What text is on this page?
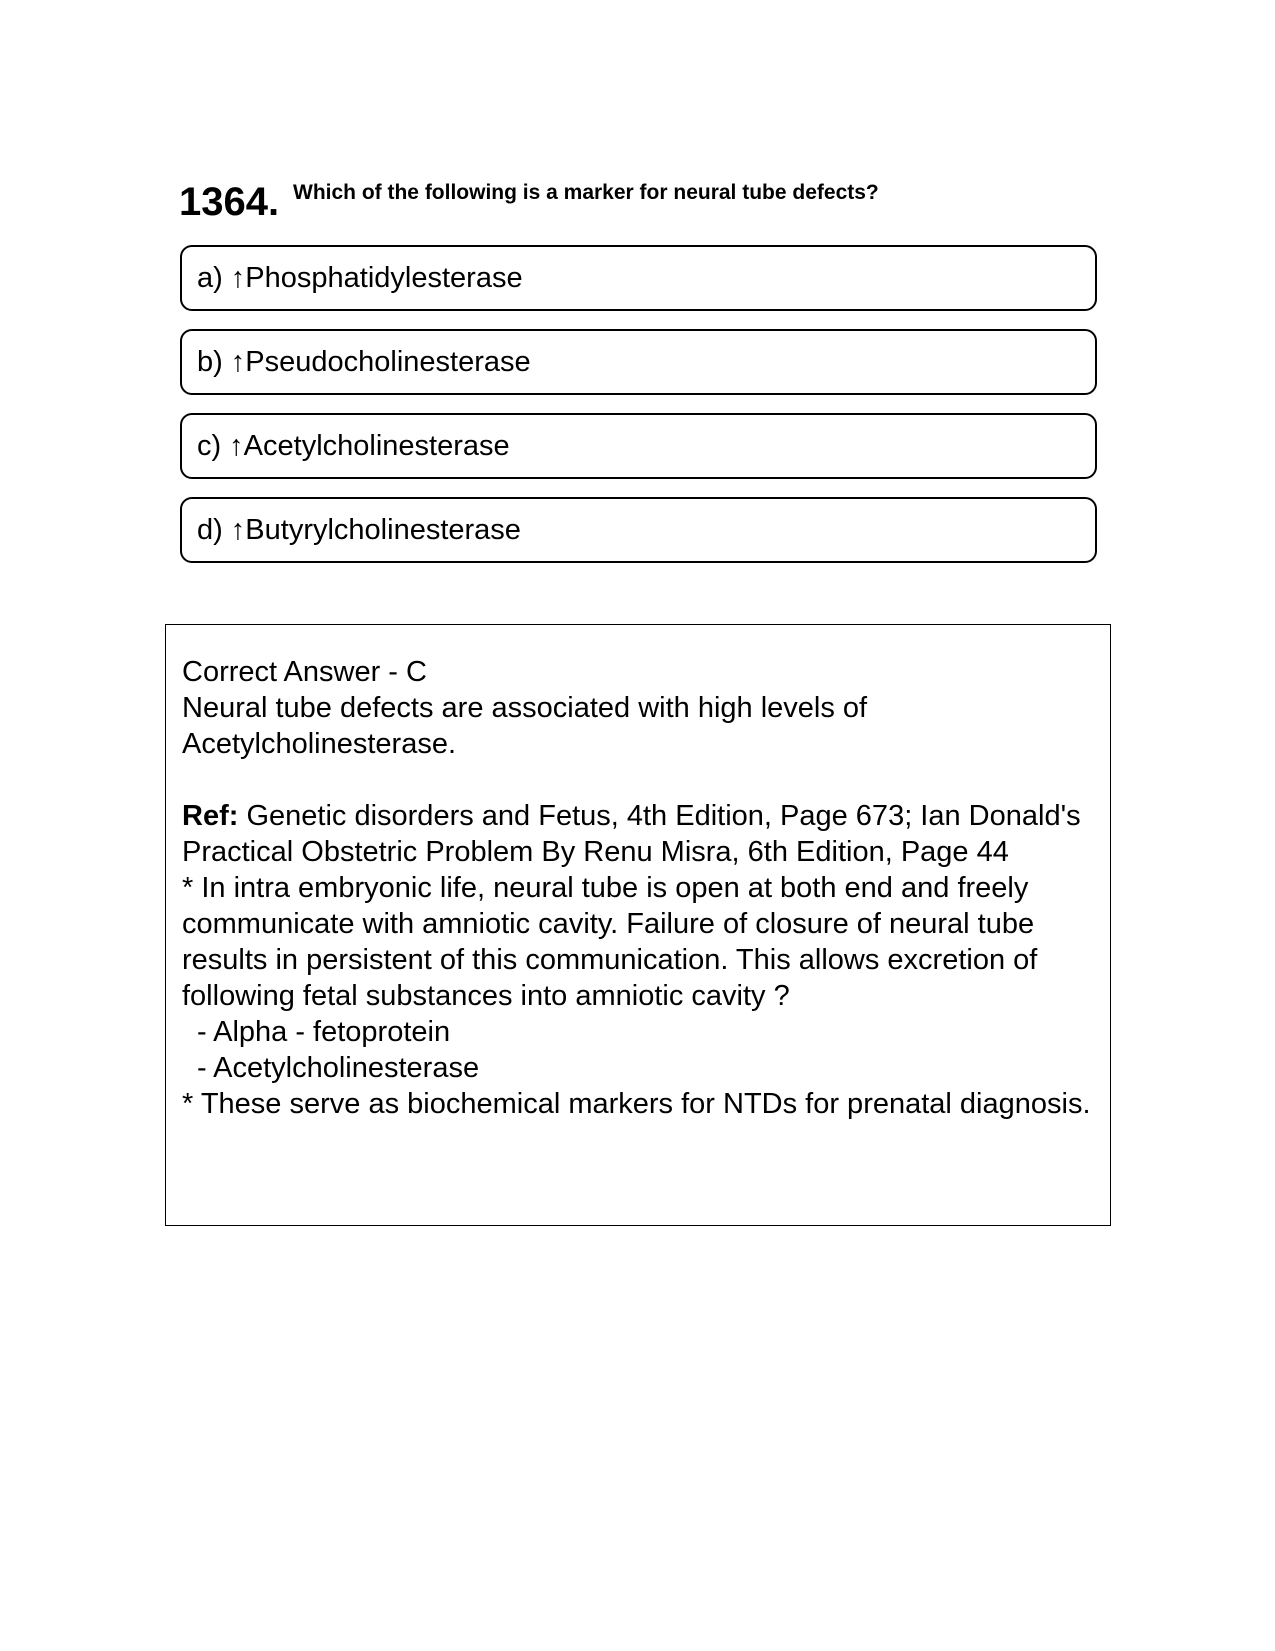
1364. Which of the following is a marker for neural tube defects?
a) ↑Phosphatidylesterase
b) ↑Pseudocholinesterase
c) ↑Acetylcholinesterase
d) ↑Butyrylcholinesterase

Correct Answer - C

Neural tube defects are associated with high levels of Acetylcholinesterase.

Ref: Genetic disorders and Fetus, 4th Edition, Page 673; Ian Donald's Practical Obstetric Problem By Renu Misra, 6th Edition, Page 44

* In intra embryonic life, neural tube is open at both end and freely communicate with amniotic cavity. Failure of closure of neural tube results in persistent of this communication. This allows excretion of following fetal substances into amniotic cavity ?

- Alpha - fetoprotein

- Acetylcholinesterase

* These serve as biochemical markers for NTDs for prenatal diagnosis.
